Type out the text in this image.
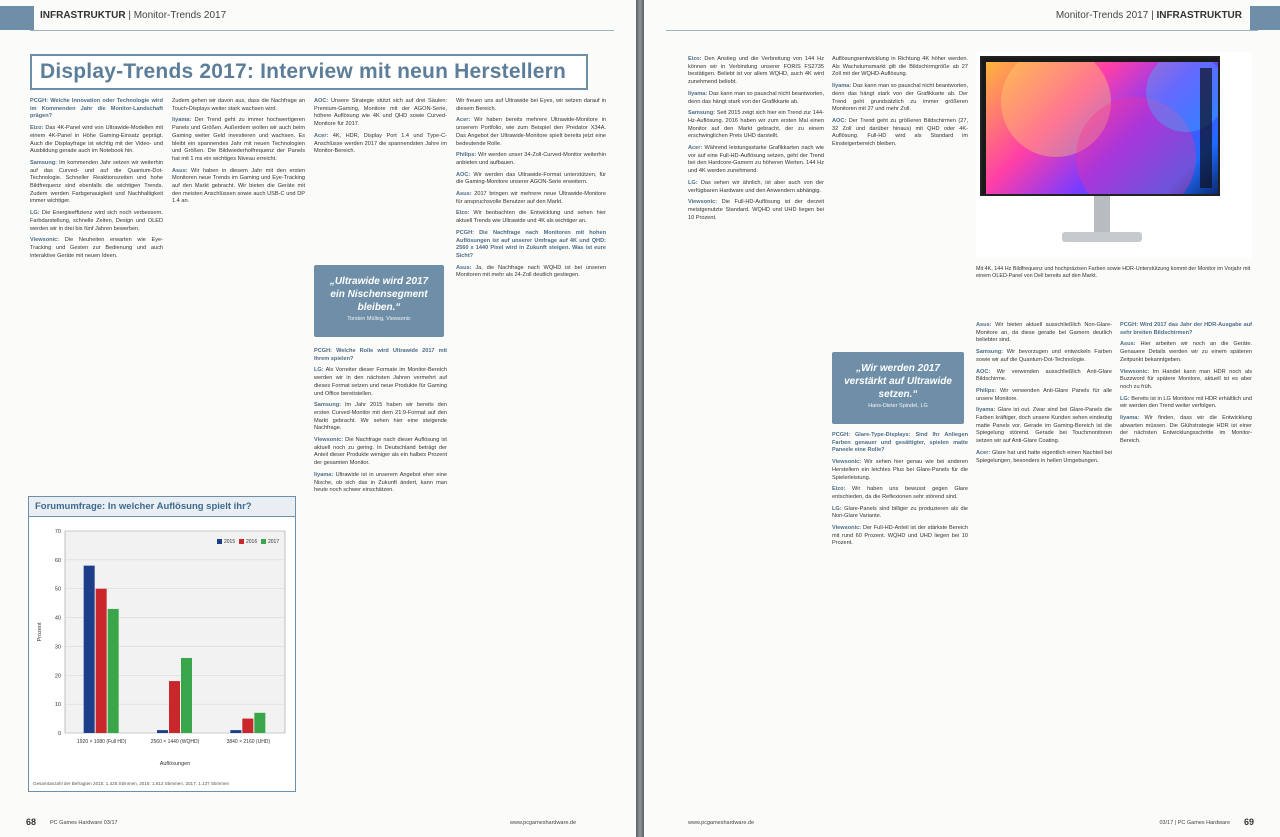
INFRASTRUKTUR | Monitor-Trends 2017
Display-Trends 2017: Interview mit neun Herstellern

PCGH: Welche Innovation oder Technologie wird im Kommenden Jahr die Monitor-Landschaft prägen?

Eizo: Das 4K-Panel wird von Ultrawide-Modellen mit einem 4K-Panel in Höhe Gaming-Einsatz geprägt. Auch die Displayfrage ist wichtig mit der Video- und Ausbildung gerade auch im Notebook hin.

Samsung: Im kommenden Jahr setzen wir weiterhin auf das Curved- und auf die Quantum-Dot-Technologie. Schneller Reaktionszeiten und hohe Bildfrequenz sind ebenfalls die wichtigen Trends. Zudem werden Farbgenauigkeit und Nachhaltigkeit immer wichtiger.

LG: Die Energieeffizienz wird sich noch verbessern. Farbdarstellung, schnelle Zeiten, Design und OLED werden wir in drei bis fünf Jahren bewerben.

Viewsonic: Die Neuheiten erwarten wie Eye-Tracking und Gesten zur Bedienung und auch interaktive Geräte mit neuen Ideen.

Zudem gehen wir davon aus, dass die Nachfrage an Touch-Displays weiter stark wachsen wird.

Iiyama: Der Trend geht zu immer hochwertigeren Panels und Größen. Außerdem wollen wir auch beim Gaming weiter Geld investieren und wachsen. Es bleibt ein spannendes Jahr mit neuen Technologien und Größen. Die Bildwiederholfrequenz der Panels hat mit 1 ms ein wichtiges Niveau erreicht.

Asus: Wir haben in diesem Jahr mit den ersten Monitoren neue Trends im Gaming und Eye-Tracking auf den Markt gebracht. Wir bieten die Geräte mit den meisten Anschlüssen sowie auch USB-C und DP 1.4 an.

AOC: Unsere Strategie stützt sich auf drei Säulen: Premium-Gaming, Monitore mit der AGON-Serie, höhere Auflösung wie 4K und QHD sowie Curved-Monitore für 2017.

Acer: 4K, HDR, Display Port 1.4 und Type-C-Anschlüsse werden 2017 die spannendsten Jahre im Monitor-Bereich.

„Ultrawide wird 2017 ein Nischensegment bleiben.“
Torsten Mülleg, Viewsonic

PCGH: Welche Rolle wird Ultrawide 2017 mit Ihrem spielen?

LG: Als Vorreiter dieser Formate im Monitor-Bereich werden wir in den nächsten Jahren vermehrt auf dieses Format setzen und neue Produkte für Gaming und Office bereitstellen.

Samsung: Im Jahr 2015 haben wir bereits den ersten Curved-Monitor mit dem 21:9-Format auf den Markt gebracht. Wir sehen hier eine steigende Nachfrage.

Viewsonic: Die Nachfrage nach dieser Auflösung ist aktuell noch zu gering. In Deutschland beträgt der Anteil dieser Produkte weniger als ein halbes Prozent der gesamten Monitor.

Iiyama: Ultrawide ist in unserem Angebot eher eine Nische, ob sich das in Zukunft ändert, kann man heute noch schwer einschätzen.

Wir freuen uns auf Ultrawide bei Eyes, wir setzen darauf in diesem Bereich.

Acer: Wir haben bereits mehrere Ultrawide-Monitore in unserem Portfolio, wie zum Beispiel den Predator X34A. Das Angebot der Ultrawide-Monitore spielt bereits jetzt eine bedeutende Rolle.

Philips: Wir werden unser 34-Zoll-Curved-Monitor weiterhin anbieten und aufbauen.

AOC: Wir werden das Ultrawide-Format unterstützen, für die Gaming-Monitore unserer AGON-Serie erweitern.

Asus: 2017 bringen wir mehrere neue Ultrawide-Monitore für anspruchsvolle Benutzer auf den Markt.

Eizo: Wir beobachten die Entwicklung und sehen hier aktuell Trends wie Ultrawide und 4K als wichtiger an.

PCGH: Die Nachfrage nach Monitoren mit hohen Auflösungen ist auf unserer Umfrage auf 4K und QHD: 2560 x 1440 Pixel wird in Zukunft steigen. Was ist eure Sicht?

Asus: Ja, die Nachfrage nach WQHD ist bei unseren Monitoren mit mehr als 24-Zoll deutlich gestiegen.

Forumumfrage: In welcher Auflösung spielt ihr?
0
10
20
30
40
50
60
70
Prozent
Auflösungen
1920 × 1080 (Full HD)	2560 × 1440 (WQHD)	3840 × 2160 (UHD)
2015 2016 2017
Gesamtanzahl der Befragten 2015: 1.425 Stimmen, 2016: 1.812 Stimmen, 2017: 1.137 Stimmen
68	PC Games Hardware 03/17	www.pcgameshardware.de
Monitor-Trends 2017 | INFRASTRUKTUR

Eizo: Den Anstieg und die Verbreitung von 144 Hz können wir in Verbindung unserer FORIS FS2735 bestätigen. Beliebt ist vor allem WQHD, auch 4K wird zunehmend beliebt.

Iiyama: Das kann man so pauschal nicht beantworten, denn das hängt stark von der Grafikkarte ab.

Samsung: Seit 2015 zeigt sich hier ein Trend zur 144-Hz-Auflösung. 2016 haben wir zum ersten Mal einen Monitor auf den Markt gebracht, der zu einem erschwinglichen Preis UHD darstellt.

Acer: Während leistungsstarke Grafikkarten nach wie vor auf eine Full-HD-Auflösung setzen, geht der Trend bei den Hardcore-Gamern zu höheren Werten. 144 Hz und 4K werden zunehmend.

LG: Das sehen wir ähnlich, ist aber auch von der verfügbaren Hardware und den Anwendern abhängig.

Viewsonic: Die Full-HD-Auflösung ist der derzeit meistgenutzte Standard. WQHD und UHD liegen bei 10 Prozent.

Auflösungsentwicklung in Richtung 4K höher werden. Als Wachstumsmarkt gilt die Bildschirmgröße ab 27 Zoll mit der WQHD-Auflösung.

Iiyama: Das kann man so pauschal nicht beantworten, denn das hängt stark von der Grafikkarte ab. Der Trend geht grundsätzlich zu immer größeren Monitoren mit 27 und mehr Zoll.

AOC: Der Trend geht zu größeren Bildschirmen (27, 32 Zoll und darüber hinaus) mit QHD oder 4K-Auflösung. Full-HD wird als Standard im Einsteigerbereich bleiben.

„Wir werden 2017 verstärkt auf Ultrawide setzen.“
Hans-Dieter Spindel, LG

PCGH: Glare-Type-Displays: Sind Ihr Anliegen Farben genauer und gesättigter, spielen matte Paneele eine Rolle?

Viewsonic: Wir sehen hier genau wie bei anderen Herstellern ein leichtes Plus bei Glare-Panels für die Spielerleistung.

Eizo: Wir haben uns bewusst gegen Glare entschieden, da die Reflexionen sehr störend sind.

LG: Glare-Panels sind billiger zu produzieren als die Non-Glare Variante.

Viewsonic: Der Full-HD-Anteil ist der stärkste Bereich mit rund 60 Prozent. WQHD und UHD liegen bei 10 Prozent.

Asus: Wir bieten aktuell ausschließlich Non-Glare-Monitore an, da diese gerade bei Gamern deutlich beliebter sind.

Samsung: Wir bevorzugen und entwickeln Farben sowie wir auf die Quantum-Dot-Technologie.

AOC: Wir verwenden ausschließlich Anti-Glare Bildschirme.

Philips: Wir verwenden Anti-Glare Panels für alle unsere Monitore.

Iiyama: Glare ist out. Zwar sind bei Glare-Panels die Farben kräftiger, doch unsere Kunden sehen eindeutig matte Panels vor. Gerade im Gaming-Bereich ist die Spiegelung störend. Gerade bei Touchmonitoren setzen wir auf Anti-Glare Coating.

Acer: Glare hat und hatte eigentlich einen Nachteil bei Spiegelungen, besonders in hellen Umgebungen.

PCGH: Wird 2017 das Jahr der HDR-Ausgabe auf sehr breiten Bildschirmen?

Asus: Hier arbeiten wir noch an die Geräte. Genauere Details werden wir zu einem späteren Zeitpunkt bekanntgeben.

Viewsonic: Im Handel kann man HDR noch als Buzzword für spätere Monitore, aktuell ist es aber noch zu früh.

LG: Bereits ist in LG Monitore mit HDR erhältlich und wir werden den Trend weiter verfolgen.

Iiyama: Wir finden, dass wir die Entwicklung abwarten müssen. Die Glühstrategie HDR ist einer der nächsten Entwicklungsschritte im Monitor-Bereich.

69
03/17 | PC Games Hardware
www.pcgameshardware.de
Mit 4K, 144 Hz Bildfrequenz und hochpräzisen Farben sowie HDR-Unterstützung kommt der Monitor im Vorjahr mit einem OLED-Panel von Dell bereits auf den Markt.
